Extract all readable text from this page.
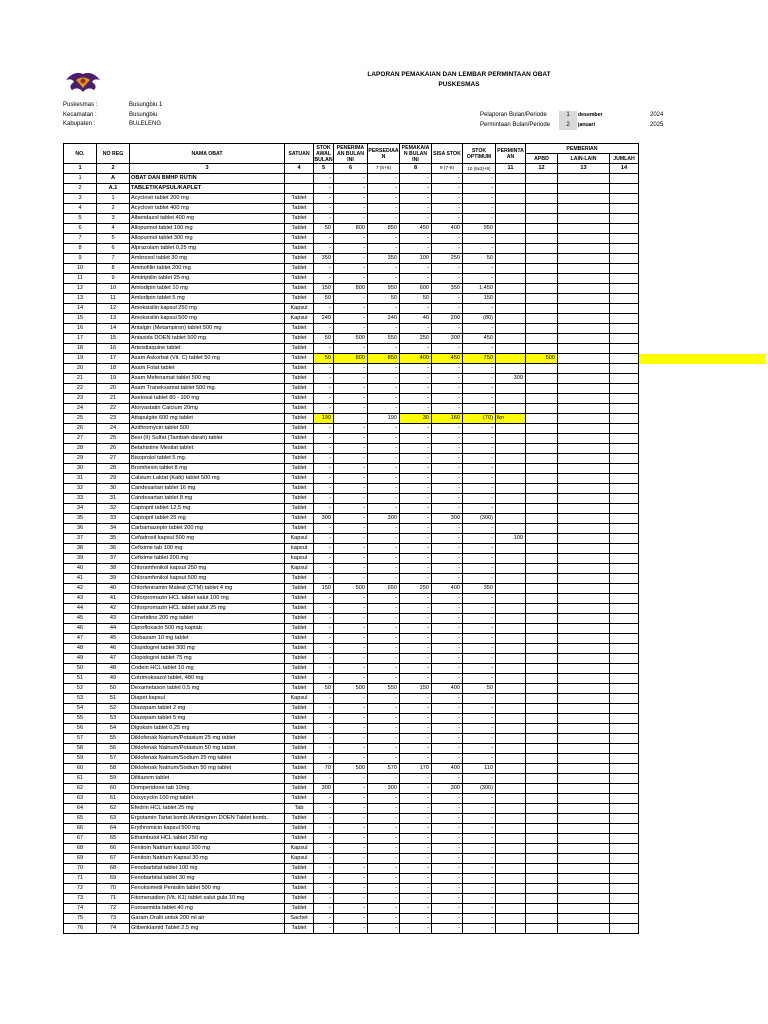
LAPORAN PEMAKAIAN DAN LEMBAR PERMINTAAN OBAT
PUSKESMAS
Puskesmas :	Busungbiu 1
Kecamatan :	Busungbiu
Kabupaten :	BULELENG
Pelaporan Bulan/Periode	1	desember	2024
Permintaan Bulan/Periode	2	januari	2025
NO.	NO REG	NAMA OBAT	SATUAN	STOK AWAL BULAN	PENERIMA AN BULAN INI	PERSEDIAA N	PEMAKAIA N BULAN INI	SISA STOK	STOK OPTIMUM	PERMINTA AN	PEMBERIAN		
											APBD	LAIN-LAIN	JUMLAH
1	2	3	4	5	6	7 (5+6)	8	9 (7-8)	10 (8x3)+9)	11	12	13	14
1	A	OBAT DAN BMHP RUTIN		-	-	-	-	-	-				
2	A.1	TABLET/KAPSUL/KAPLET		-	-	-	-	-	-				
3	1	Acyclovir tablet 200 mg	Tablet	-	-	-	-	-	-				
4	2	Acyclovir tablet 400 mg	Tablet	-	-	-	-	-	-				
5	3	Albendazol tablet 400 mg	Tablet	-	-	-	-	-	-				
6	4	Allopurinol tablet 100 mg	Tablet	50	800	850	450	400	950				
7	5	Allopurinol tablet 300 mg	Tablet	-	-	-	-	-	-				
8	6	Alprazolam tablet 0,25 mg	Tablet	-	-	-	-	-	-				
9	7	Ambroxol tablet 30 mg	Tablet	350	-	350	100	250	50				
10	8	Aminofilin tablet 200 mg	Tablet	-	-	-	-	-	-				
11	9	Amitriptilin tablet 25 mg.	Tablet	-	-	-	-	-	-				
12	10	Amlodipin tablet 10 mg	Tablet	150	800	950	600	350	1,450				
13	11	Amlodipin tablet 5 mg	Tablet	50	-	50	50	-	150				
14	12	Amoksisilin kapsul 250 mg	Kapsul	-	-	-	-	-	-				
15	13	Amoksisilin kapsul 500 mg	Kapsul	240	-	240	40	200	(80)				
16	14	Antalgin (Metampiron) tablet 500 mg	Tablet	-	-	-	-	-	-				
17	15	Antasida DOEN tablet 500 mg	Tablet	50	500	550	250	300	450				
18	16	Artesdiaquine tablet	Tablet	-	-	-	-	-	-				
19	17	Asam Askorbat (Vit. C) tablet 50 mg	Tablet	50	800	850	400	450	750		500		
20	18	Asam Folat tablet	Tablet	-	-	-	-	-	-				
21	19	Asam Mefenamat tablet 500 mg	Tablet	-	-	-	-	-	-	300			
22	20	Asam Traneksamat tablet 500 mg.	Tablet	-	-	-	-	-	-				
23	21	Asetosal tablet 80 - 100 mg	Tablet	-	-	-	-	-	-				
24	22	Atorvastatin Calcium 20mg	Tablet	-	-	-	-	-	-				
25	23	Attapulgite 600 mg tablet	Tablet	190		190	30	160	(70)	lkn			
26	24	Azithromycin tablet 500	Tablet	-	-	-	-	-	-				
27	25	Besi (II) Sulfat (Tambah darah) tablet	Tablet	-	-	-	-	-	-				
28	26	Betahistine Mesilat tablet	Tablet	-	-	-	-	-	-				
29	27	Bisoprolol tablet 5 mg.	Tablet	-	-	-	-	-	-				
30	28	Bromhexin tablet 8 mg	Tablet	-	-	-	-	-	-				
31	29	Calsium Laktat (Kalk) tablet 500 mg	Tablet	-	-	-	-	-	-				
32	30	Candesartan tablet 16 mg	Tablet	-	-	-	-	-	-				
33	31	Candesartan tablet 8 mg	Tablet	-	-	-	-	-	-				
34	32	Captopril tablet 12,5 mg	Tablet	-	-	-	-	-	-				
35	33	Captopril tablet 25 mg	Tablet	300	-	300	-	300	(300)				
36	34	Carbamazepin tablet 200 mg	Tablet	-	-	-	-	-	-				
37	35	Cefadroxil kapsul 500 mg	Kapsul	-	-	-	-	-	-	100			
38	36	Cefixime tab 100 mg	kapsul	-	-	-	-	-	-				
39	37	Cefixime tablet 200 mg	kapsul	-	-	-	-	-	-				
40	38	Chloramfenikol kapsul 250 mg	Kapsul	-	-	-	-	-	-				
41	39	Chloramfenikol kapsul 500 mg	Tablet	-	-	-	-	-	-				
42	40	Chlorfeniramin Maleat (CTM) tablet 4 mg	Tablet	150	500	650	250	400	350				
43	41	Chlorpromazin HCL tablet salut 100 mg	Tablet	-	-	-	-	-	-				
44	42	Chlorpromazin HCL tablet salut 25 mg	Tablet	-	-	-	-	-	-				
45	43	Cimetidine 200 mg tablet	Tablet	-	-	-	-	-	-				
46	44	Ciprofloxacin 500 mg kaptab	Tablet	-	-	-	-	-	-				
47	45	Clobazam 10 mg tablet	Tablet	-	-	-	-	-	-				
48	46	Clopidogrel tablet 300 mg	Tablet	-	-	-	-	-	-				
49	47	Clopidogrel tablet 75 mg	Tablet	-	-	-	-	-	-				
50	48	Codein HCL tablet 10 mg	Tablet	-	-	-	-	-	-				
51	49	Cotrimoksazol tablet, 480 mg	Tablet	-	-	-	-	-	-				
52	50	Dexametason tablet 0,5 mg	Tablet	50	500	550	150	400	50				
53	51	Diapet kapsul	Kapsul	-	-	-	-	-	-				
54	52	Diazepam tablet 2 mg	Tablet	-	-	-	-	-	-				
55	53	Diazepam tablet 5 mg	Tablet	-	-	-	-	-	-				
56	54	Digoksin tablet 0,25 mg	Tablet	-	-	-	-	-	-				
57	55	Diklofenak Natrium/Potasium 25 mg tablet	Tablet	-	-	-	-	-	-				
58	56	Diklofenak Natrium/Potasium 50 mg tablet	Tablet	-	-	-	-	-	-				
59	57	Diklofenak Natrium/Sodium 25 mg tablet	Tablet	-	-	-	-	-	-				
60	58	Diklofenak Natrium/Sodium 50 mg tablet	Tablet	70	500	570	170	400	110				
61	59	Diltiazem tablet	Tablet	-	-	-	-	-	-				
62	60	Domperidone tab 10mg	Tablet	300	-	300	-	300	(300)				
63	61	Doxycyclin 100 mg tablet	Tablet	-	-	-	-	-	-				
64	62	Efedrin HCL tablet 25 mg	Tab	-	-	-	-	-	-				
65	63	Ergotamin Tartat komb./Antimigren DOEN Tablet komb.	Tablet	-	-	-	-	-	-				
66	64	Erythromicin kapsul 500 mg	Tablet	-	-	-	-	-	-				
67	65	Ethambutol HCL tablet 250 mg	Tablet	-	-	-	-	-	-				
68	66	Fenitoin Natrium kapsul 100 mg	Kapsul	-	-	-	-	-	-				
69	67	Fenitoin Natrium Kapsul 30 mg	Kapsul	-	-	-	-	-	-				
70	68	Fenobarbital tablet 100 mg	Tablet	-	-	-	-	-	-				
71	69	Fenobarbital tablet 30 mg	Tablet	-	-	-	-	-	-				
72	70	Fenoksimetil Penisilin tablet 500 mg	Tablet	-	-	-	-	-	-				
73	71	Fitomenadion (Vit. K1) tablet salut gula 10 mg	Tablet	-	-	-	-	-	-				
74	72	Furosemida tablet 40 mg	Tablet	-	-	-	-	-	-				
75	73	Garam Oralit untuk 200 ml air	Sachet	-	-	-	-	-	-				
76	74	Glibenklamid Tablet 2,5 mg	Tablet	-	-	-	-	-	-				
